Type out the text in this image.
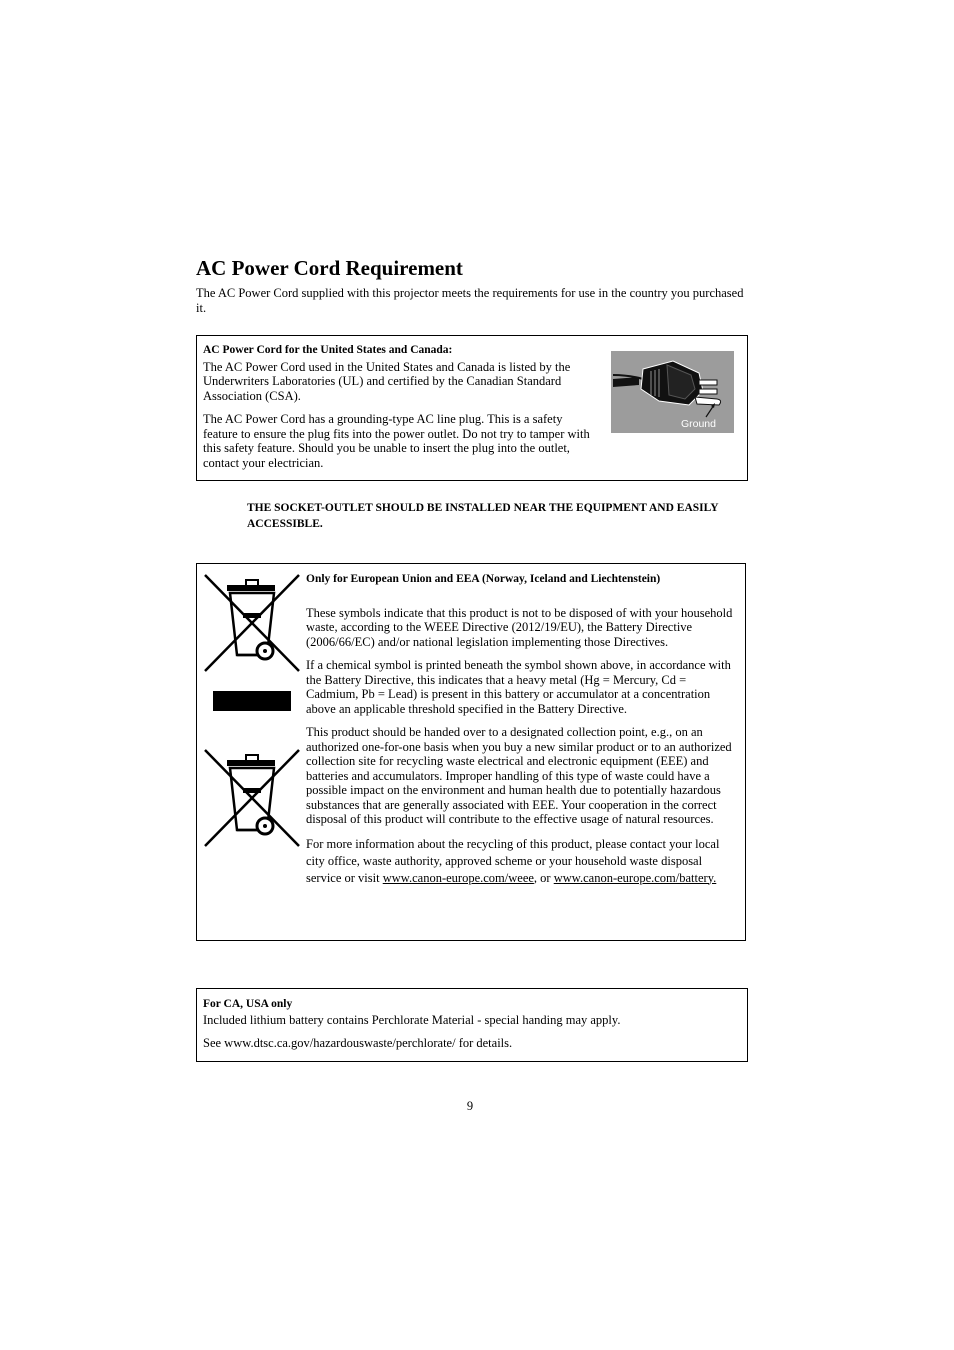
AC Power Cord Requirement
The AC Power Cord supplied with this projector meets the requirements for use in the country you purchased it.
AC Power Cord for the United States and Canada:

The AC Power Cord used in the United States and Canada is listed by the Underwriters Laboratories (UL) and certified by the Canadian Standard Association (CSA).

The AC Power Cord has a grounding-type AC line plug. This is a safety feature to ensure the plug fits into the power outlet. Do not try to tamper with this safety feature. Should you be unable to insert the plug into the outlet, contact your electrician.

Ground
THE SOCKET-OUTLET SHOULD BE INSTALLED NEAR THE EQUIPMENT AND EASILY ACCESSIBLE.
Only for European Union and EEA (Norway, Iceland and Liechtenstein)

These symbols indicate that this product is not to be disposed of with your household waste, according to the WEEE Directive (2012/19/EU), the Battery Directive (2006/66/EC) and/or national legislation implementing those Directives.

If a chemical symbol is printed beneath the symbol shown above, in accordance with the Battery Directive, this indicates that a heavy metal (Hg = Mercury, Cd = Cadmium, Pb = Lead) is present in this battery or accumulator at a concentration above an applicable threshold specified in the Battery Directive.

This product should be handed over to a designated collection point, e.g., on an authorized one-for-one basis when you buy a new similar product or to an authorized collection site for recycling waste electrical and electronic equipment (EEE) and batteries and accumulators. Improper handling of this type of waste could have a possible impact on the environment and human health due to potentially hazardous substances that are generally associated with EEE. Your cooperation in the correct disposal of this product will contribute to the effective usage of natural resources.

For more information about the recycling of this product, please contact your local city office, waste authority, approved scheme or your household waste disposal service or visit www.canon-europe.com/weee, or www.canon-europe.com/battery.

For CA, USA only

Included lithium battery contains Perchlorate Material - special handing may apply.

See www.dtsc.ca.gov/hazardouswaste/perchlorate/ for details.

9
